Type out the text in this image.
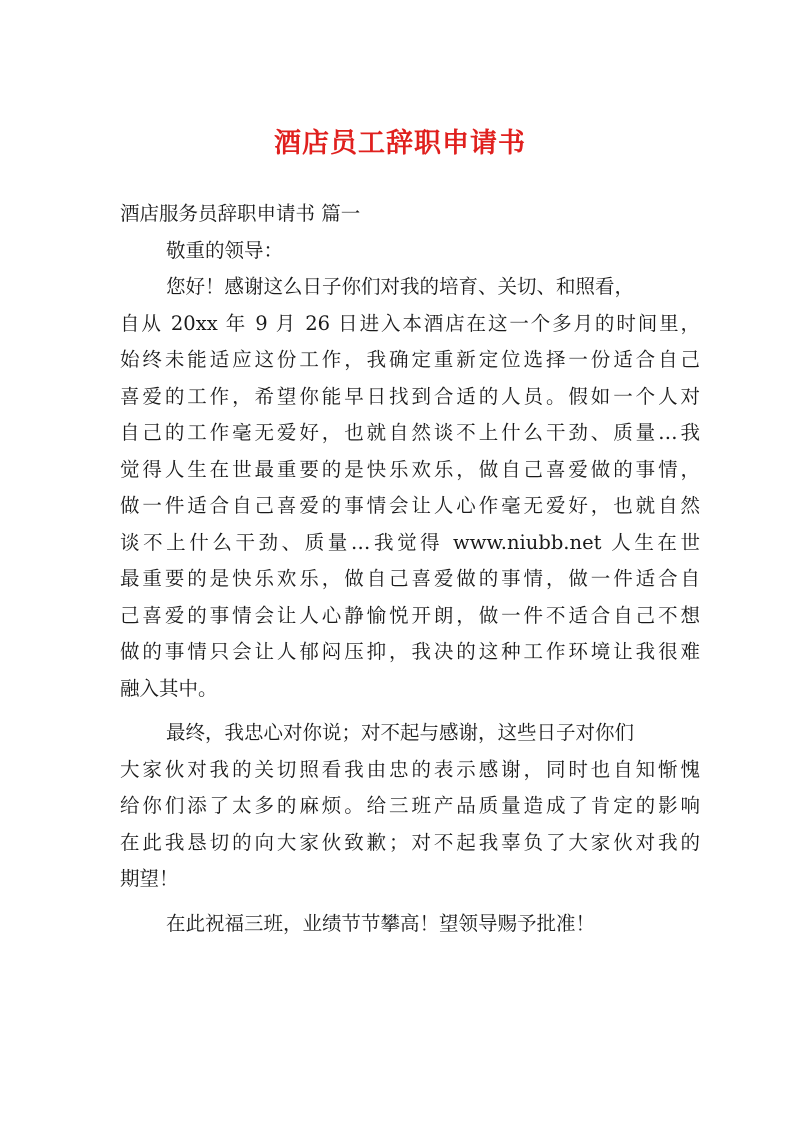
酒店员工辞职申请书
酒店服务员辞职申请书 篇一
敬重的领导：
您好！感谢这么日子你们对我的培育、关切、和照看，
自从 20xx 年 9 月 26 日进入本酒店在这一个多月的时间里，
始终未能适应这份工作，我确定重新定位选择一份适合自己
喜爱的工作，希望你能早日找到合适的人员。假如一个人对
自己的工作毫无爱好，也就自然谈不上什么干劲、质量…我
觉得人生在世最重要的是快乐欢乐，做自己喜爱做的事情，
做一件适合自己喜爱的事情会让人心作毫无爱好，也就自然
谈不上什么干劲、质量…我觉得 www.niubb.net 人生在世
最重要的是快乐欢乐，做自己喜爱做的事情，做一件适合自
己喜爱的事情会让人心静愉悦开朗，做一件不适合自己不想
做的事情只会让人郁闷压抑，我决的这种工作环境让我很难
融入其中。
最终，我忠心对你说；对不起与感谢，这些日子对你们
大家伙对我的关切照看我由忠的表示感谢，同时也自知惭愧
给你们添了太多的麻烦。给三班产品质量造成了肯定的影响
在此我恳切的向大家伙致歉；对不起我辜负了大家伙对我的
期望！
在此祝福三班，业绩节节攀高！望领导赐予批准！
